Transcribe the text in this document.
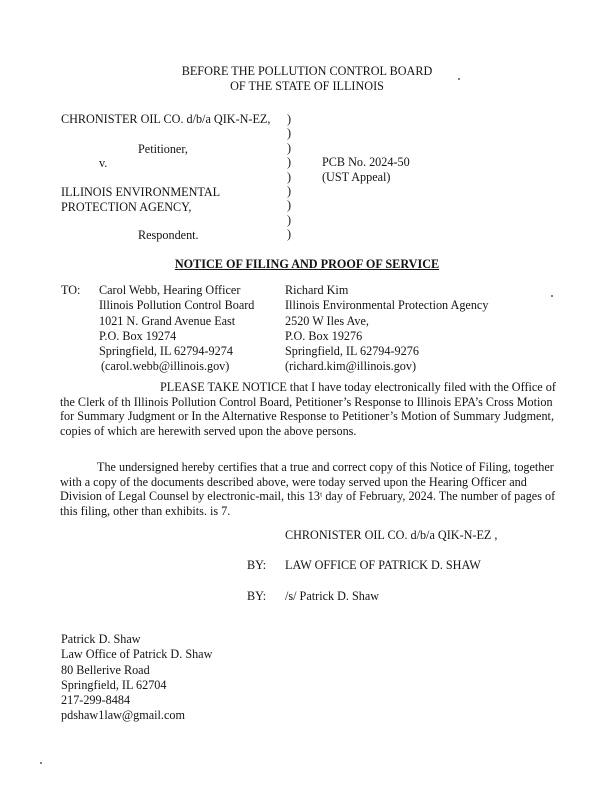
BEFORE THE POLLUTION CONTROL BOARD
OF THE STATE OF ILLINOIS
CHRONISTER OIL CO. d/b/a QIK-N-EZ,
Petitioner,
v.
ILLINOIS ENVIRONMENTAL
PROTECTION AGENCY,
Respondent.
)
)
)
)
)
)
)
)
)
PCB No. 2024-50
(UST Appeal)
NOTICE OF FILING AND PROOF OF SERVICE
TO: Carol Webb, Hearing Officer
Illinois Pollution Control Board
1021 N. Grand Avenue East
P.O. Box 19274
Springfield, IL 62794-9274
(carol.webb@illinois.gov)
Richard Kim
Illinois Environmental Protection Agency
2520 W Iles Ave,
P.O. Box 19276
Springfield, IL 62794-9276
(richard.kim@illinois.gov)
PLEASE TAKE NOTICE that I have today electronically filed with the Office of the Clerk of th Illinois Pollution Control Board, Petitioner’s Response to Illinois EPA’s Cross Motion for Summary Judgment or In the Alternative Response to Petitioner’s Motion of Summary Judgment, copies of which are herewith served upon the above persons.
The undersigned hereby certifies that a true and correct copy of this Notice of Filing, together with a copy of the documents described above, were today served upon the Hearing Officer and Division of Legal Counsel by electronic-mail, this 13ᵗ day of February, 2024. The number of pages of this filing, other than exhibits. is 7.
CHRONISTER OIL CO. d/b/a QIK-N-EZ ,
BY: LAW OFFICE OF PATRICK D. SHAW
BY: /s/ Patrick D. Shaw
Patrick D. Shaw
Law Office of Patrick D. Shaw
80 Bellerive Road
Springfield, IL 62704
217-299-8484
pdshaw1law@gmail.com
